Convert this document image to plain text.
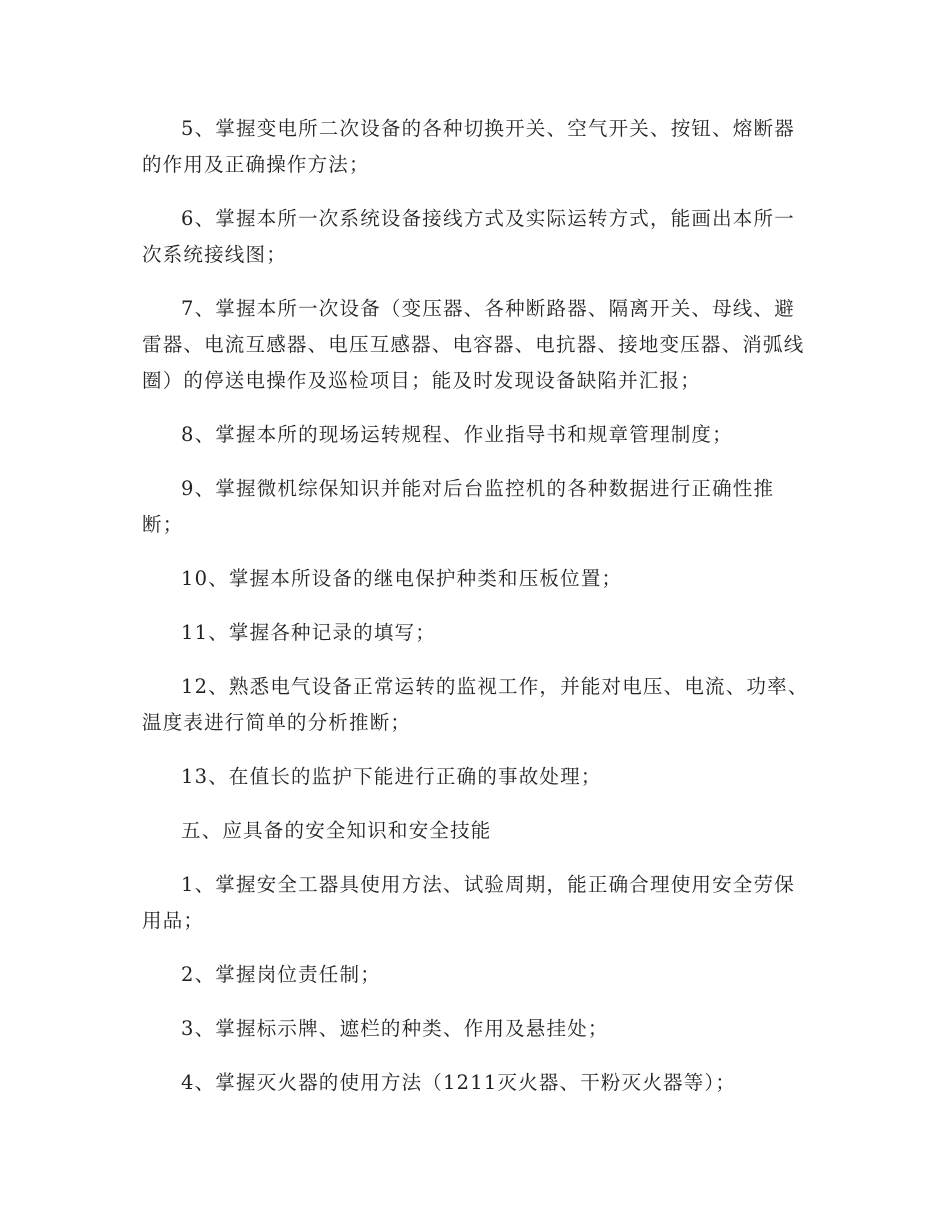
5、掌握变电所二次设备的各种切换开关、空气开关、按钮、熔断器的作用及正确操作方法；

6、掌握本所一次系统设备接线方式及实际运转方式，能画出本所一次系统接线图；

7、掌握本所一次设备（变压器、各种断路器、隔离开关、母线、避雷器、电流互感器、电压互感器、电容器、电抗器、接地变压器、消弧线圈）的停送电操作及巡检项目；能及时发现设备缺陷并汇报；

8、掌握本所的现场运转规程、作业指导书和规章管理制度；

9、掌握微机综保知识并能对后台监控机的各种数据进行正确性推断；

10、掌握本所设备的继电保护种类和压板位置；

11、掌握各种记录的填写；

12、熟悉电气设备正常运转的监视工作，并能对电压、电流、功率、温度表进行简单的分析推断；

13、在值长的监护下能进行正确的事故处理；

五、应具备的安全知识和安全技能

1、掌握安全工器具使用方法、试验周期，能正确合理使用安全劳保用品；

2、掌握岗位责任制；

3、掌握标示牌、遮栏的种类、作用及悬挂处；

4、掌握灭火器的使用方法（1211灭火器、干粉灭火器等）；
